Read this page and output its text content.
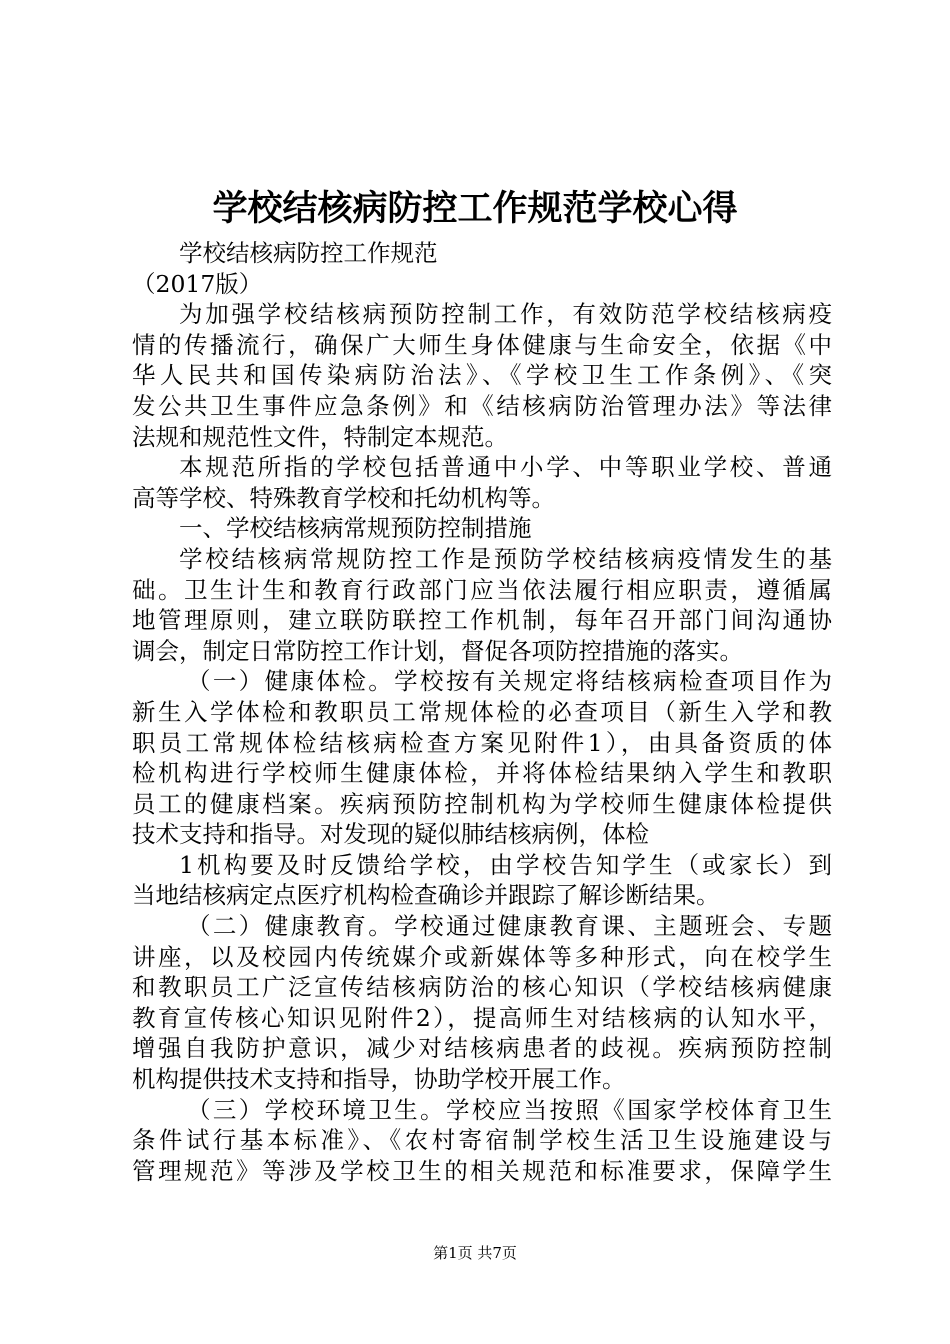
学校结核病防控工作规范学校心得
学校结核病防控工作规范
（2017版）
为加强学校结核病预防控制工作，有效防范学校结核病疫
情的传播流行，确保广大师生身体健康与生命安全，依据《中
华人民共和国传染病防治法》、《学校卫生工作条例》、《突
发公共卫生事件应急条例》和《结核病防治管理办法》等法律
法规和规范性文件，特制定本规范。
本规范所指的学校包括普通中小学、中等职业学校、普通
高等学校、特殊教育学校和托幼机构等。
一、学校结核病常规预防控制措施
学校结核病常规防控工作是预防学校结核病疫情发生的基
础。卫生计生和教育行政部门应当依法履行相应职责，遵循属
地管理原则，建立联防联控工作机制，每年召开部门间沟通协
调会，制定日常防控工作计划，督促各项防控措施的落实。
（一）健康体检。学校按有关规定将结核病检查项目作为
新生入学体检和教职员工常规体检的必查项目（新生入学和教
职员工常规体检结核病检查方案见附件1），由具备资质的体
检机构进行学校师生健康体检，并将体检结果纳入学生和教职
员工的健康档案。疾病预防控制机构为学校师生健康体检提供
技术支持和指导。对发现的疑似肺结核病例，体检
1机构要及时反馈给学校，由学校告知学生（或家长）到
当地结核病定点医疗机构检查确诊并跟踪了解诊断结果。
（二）健康教育。学校通过健康教育课、主题班会、专题
讲座，以及校园内传统媒介或新媒体等多种形式，向在校学生
和教职员工广泛宣传结核病防治的核心知识（学校结核病健康
教育宣传核心知识见附件2），提高师生对结核病的认知水平，
增强自我防护意识，减少对结核病患者的歧视。疾病预防控制
机构提供技术支持和指导，协助学校开展工作。
（三）学校环境卫生。学校应当按照《国家学校体育卫生
条件试行基本标准》、《农村寄宿制学校生活卫生设施建设与
管理规范》等涉及学校卫生的相关规范和标准要求，保障学生
第1页 共7页
